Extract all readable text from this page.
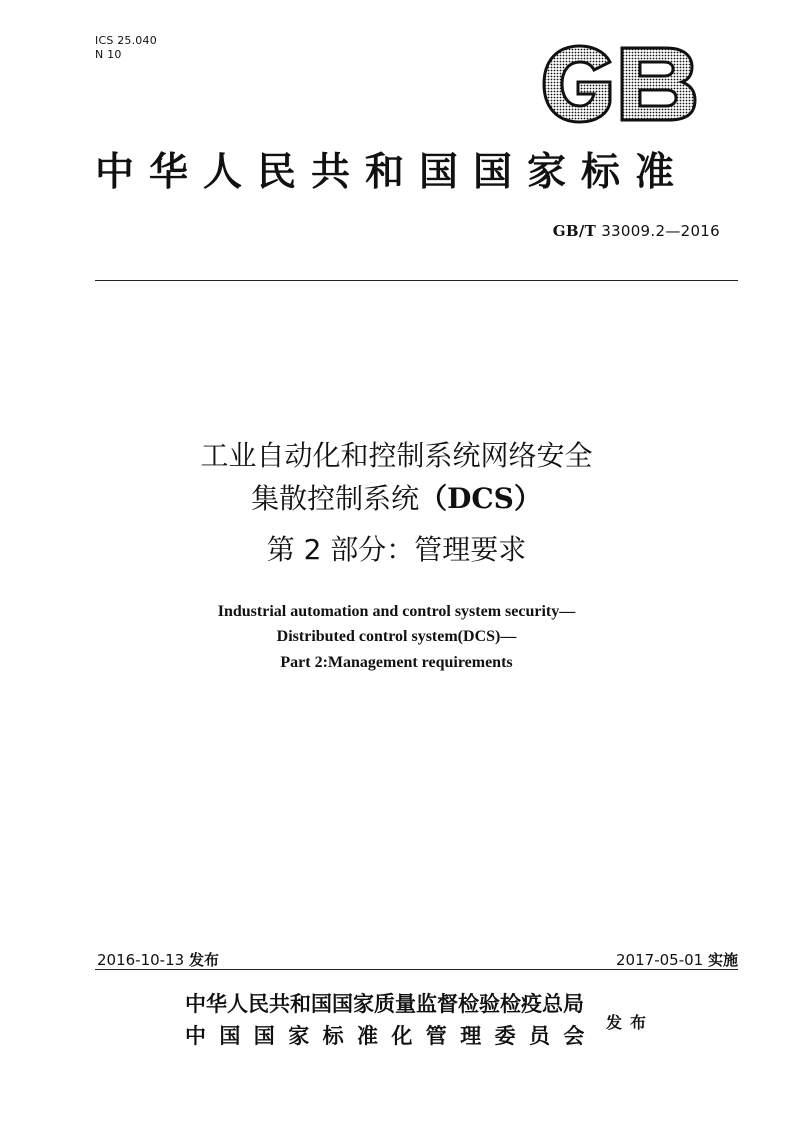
ICS 25.040
N 10
中华人民共和国国家标准
GB/T 33009.2—2016
工业自动化和控制系统网络安全
集散控制系统（DCS）
第 2 部分：管理要求
Industrial automation and control system security—
Distributed control system(DCS)—
Part 2:Management requirements
2016-10-13 发布	2017-05-01 实施
中华人民共和国国家质量监督检验检疫总局
中国国家标准化管理委员会
发布
